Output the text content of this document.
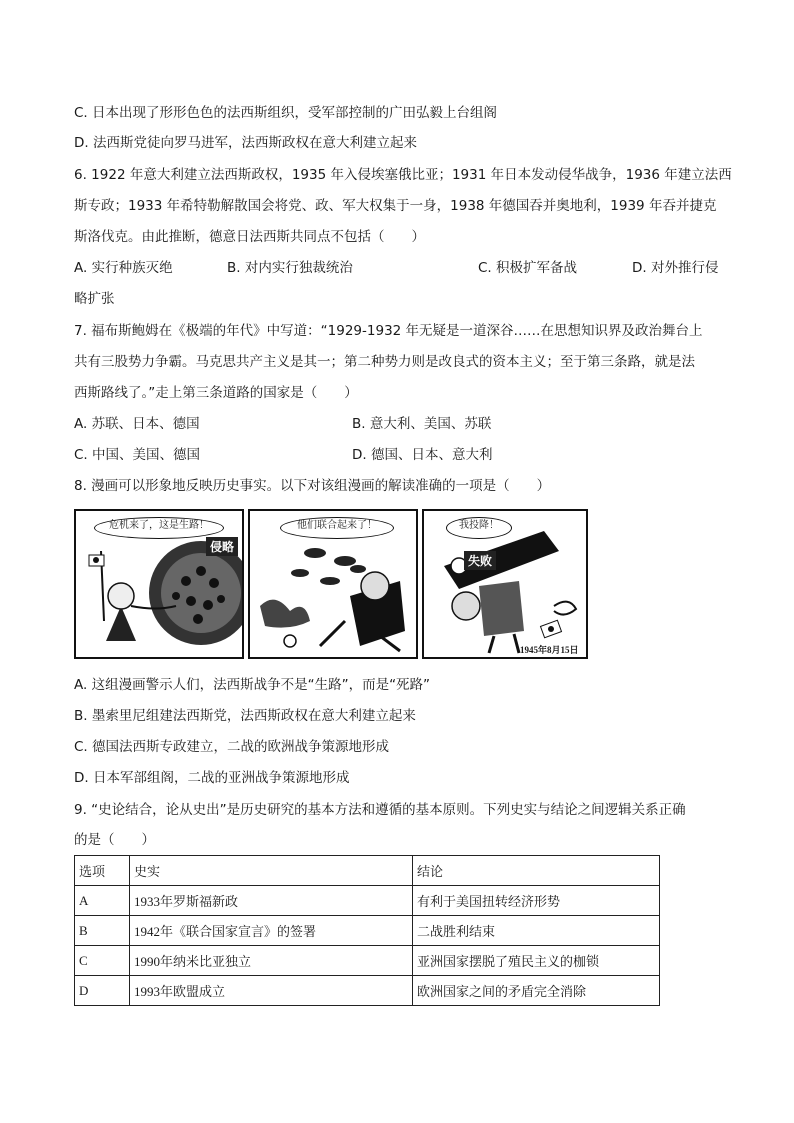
C. 日本出现了形形色色的法西斯组织，受军部控制的广田弘毅上台组阁
D. 法西斯党徒向罗马进军，法西斯政权在意大利建立起来
6. 1922 年意大利建立法西斯政权，1935 年入侵埃塞俄比亚；1931 年日本发动侵华战争，1936 年建立法西
斯专政；1933 年希特勒解散国会将党、政、军大权集于一身，1938 年德国吞并奥地利，1939 年吞并捷克
斯洛伐克。由此推断，德意日法西斯共同点不包括（　　）
A. 实行种族灭绝	B. 对内实行独裁统治	C. 积极扩军备战	D. 对外推行侵
略扩张
7. 福布斯鲍姆在《极端的年代》中写道：“1929-1932 年无疑是一道深谷……在思想知识界及政治舞台上
共有三股势力争霸。马克思共产主义是其一；第二种势力则是改良式的资本主义；至于第三条路，就是法
西斯路线了。”走上第三条道路的国家是（　　）
A. 苏联、日本、德国	B. 意大利、美国、苏联
C. 中国、美国、德国	D. 德国、日本、意大利
8. 漫画可以形象地反映历史事实。以下对该组漫画的解读准确的一项是（　　）
危机来了，这是生路！
侵略
他们联合起来了！	我投降！
失败
1945年8月15日
A. 这组漫画警示人们，法西斯战争不是“生路”，而是“死路”
B. 墨索里尼组建法西斯党，法西斯政权在意大利建立起来
C. 德国法西斯专政建立，二战的欧洲战争策源地形成
D. 日本军部组阁，二战的亚洲战争策源地形成
9. “史论结合，论从史出”是历史研究的基本方法和遵循的基本原则。下列史实与结论之间逻辑关系正确
的是（　　）
选项	史实	结论
A	1933年罗斯福新政	有利于美国扭转经济形势
B	1942年《联合国家宣言》的签署	二战胜利结束
C	1990年纳米比亚独立	亚洲国家摆脱了殖民主义的枷锁
D	1993年欧盟成立	欧洲国家之间的矛盾完全消除
